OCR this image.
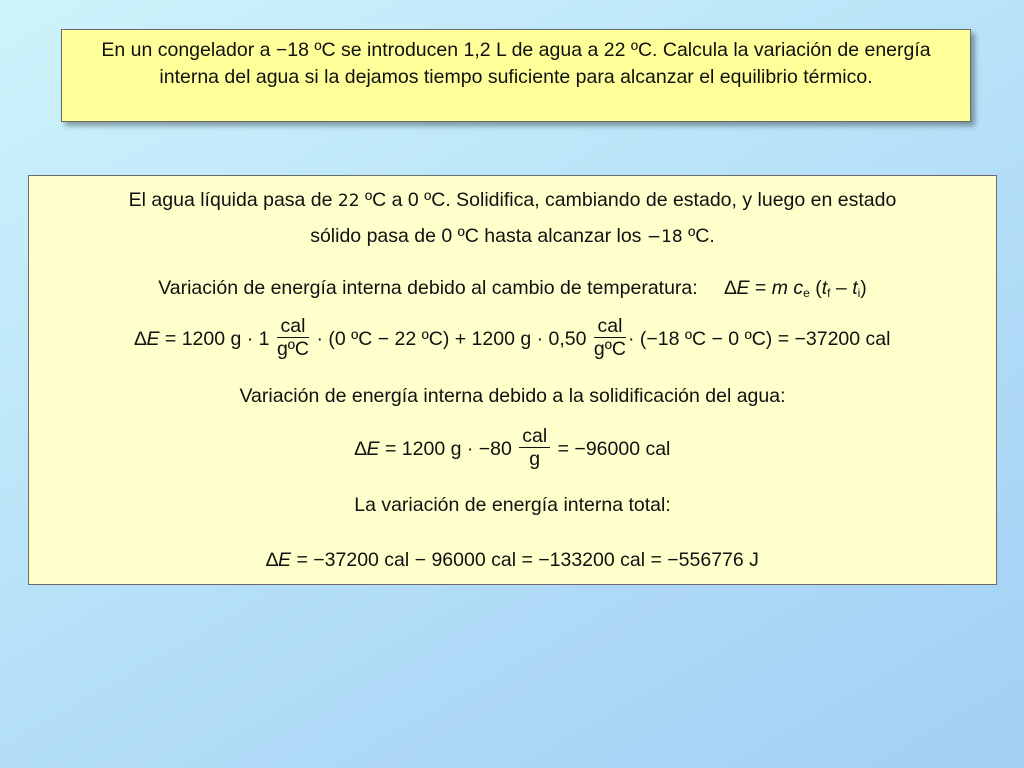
En un congelador a −18 ºC se introducen 1,2 L de agua a 22 ºC. Calcula la variación de energía interna del agua si la dejamos tiempo suficiente para alcanzar el equilibrio térmico.
El agua líquida pasa de 22 ºC a 0 ºC. Solidifica, cambiando de estado, y luego en estado
sólido pasa de 0 ºC hasta alcanzar los −18 ºC.
Variación de energía interna debido al cambio de temperatura: ∆E = m $c_e$ $(t_f - t_i)$
∆E = 1200 $g \cdot 1 \frac{\text{cal}}{\text{gºC}} \cdot (0$ ºC − 22 ºC) + 1200 $g \cdot 0,50 \frac{\text{cal}}{\text{gºC}} \cdot (-18$ ºC − 0 ºC) = −37200 cal
Variación de energía interna debido a la solidificación del agua:
∆E = 1200 $g \cdot -80 \frac{\text{cal}}{g} = -96000$ cal
La variación de energía interna total:
∆E = −37200 cal − 96000 cal = −133200 cal = −556776 J
